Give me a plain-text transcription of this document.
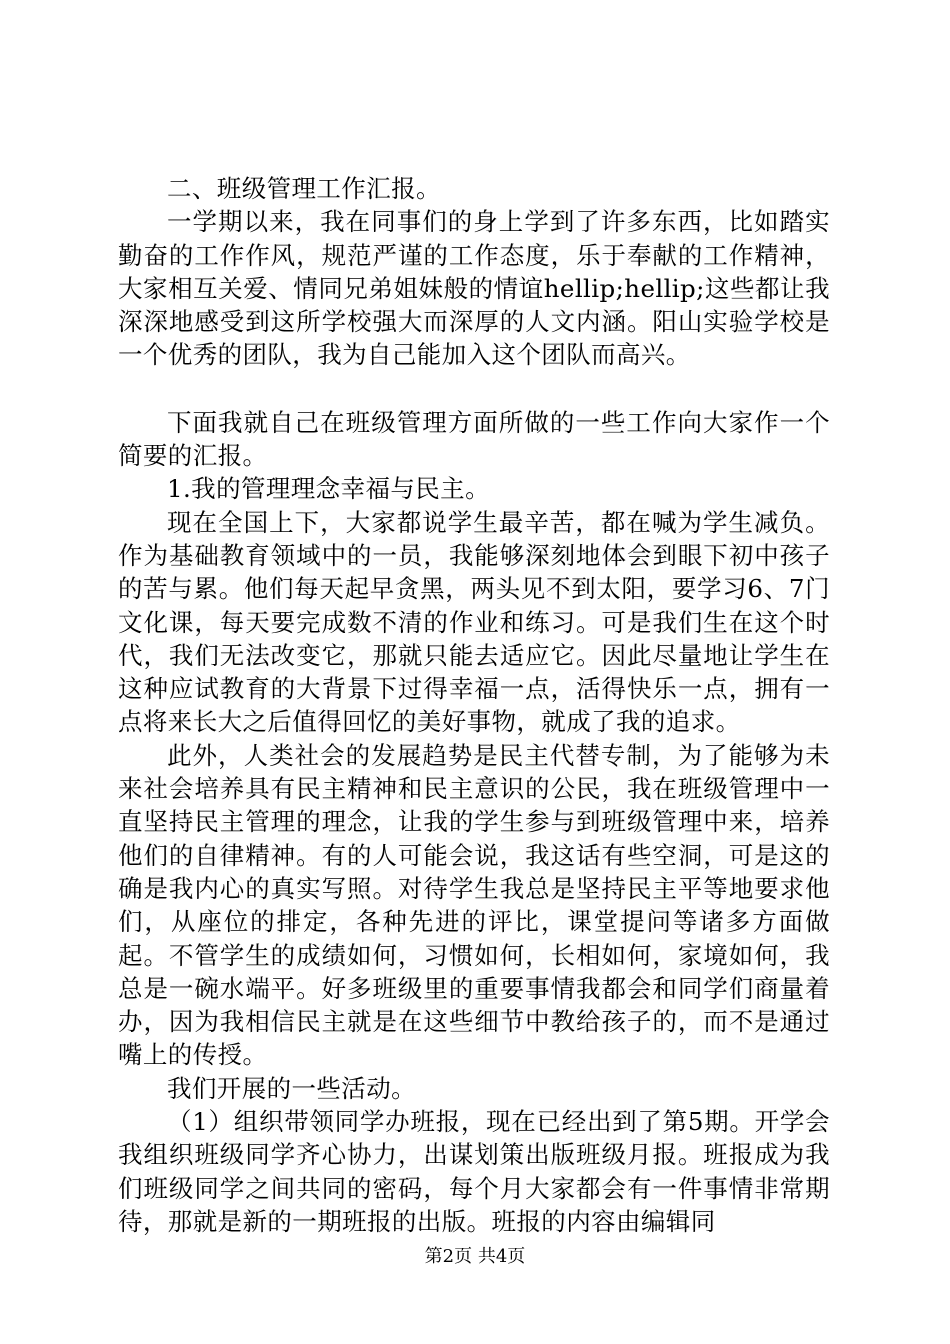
二、班级管理工作汇报。

一学期以来，我在同事们的身上学到了许多东西，比如踏实勤奋的工作作风，规范严谨的工作态度，乐于奉献的工作精神，大家相互关爱、情同兄弟姐妹般的情谊hellip;hellip;这些都让我深深地感受到这所学校强大而深厚的人文内涵。阳山实验学校是一个优秀的团队，我为自己能加入这个团队而高兴。

下面我就自己在班级管理方面所做的一些工作向大家作一个简要的汇报。

1.我的管理理念幸福与民主。

现在全国上下，大家都说学生最辛苦，都在喊为学生减负。作为基础教育领域中的一员，我能够深刻地体会到眼下初中孩子的苦与累。他们每天起早贪黑，两头见不到太阳，要学习6、7门文化课，每天要完成数不清的作业和练习。可是我们生在这个时代，我们无法改变它，那就只能去适应它。因此尽量地让学生在这种应试教育的大背景下过得幸福一点，活得快乐一点，拥有一点将来长大之后值得回忆的美好事物，就成了我的追求。

此外，人类社会的发展趋势是民主代替专制，为了能够为未来社会培养具有民主精神和民主意识的公民，我在班级管理中一直坚持民主管理的理念，让我的学生参与到班级管理中来，培养他们的自律精神。有的人可能会说，我这话有些空洞，可是这的确是我内心的真实写照。对待学生我总是坚持民主平等地要求他们，从座位的排定，各种先进的评比，课堂提问等诸多方面做起。不管学生的成绩如何，习惯如何，长相如何，家境如何，我总是一碗水端平。好多班级里的重要事情我都会和同学们商量着办，因为我相信民主就是在这些细节中教给孩子的，而不是通过嘴上的传授。

我们开展的一些活动。

（1）组织带领同学办班报，现在已经出到了第5期。开学会我组织班级同学齐心协力，出谋划策出版班级月报。班报成为我们班级同学之间共同的密码，每个月大家都会有一件事情非常期待，那就是新的一期班报的出版。班报的内容由编辑同

第2页 共4页
